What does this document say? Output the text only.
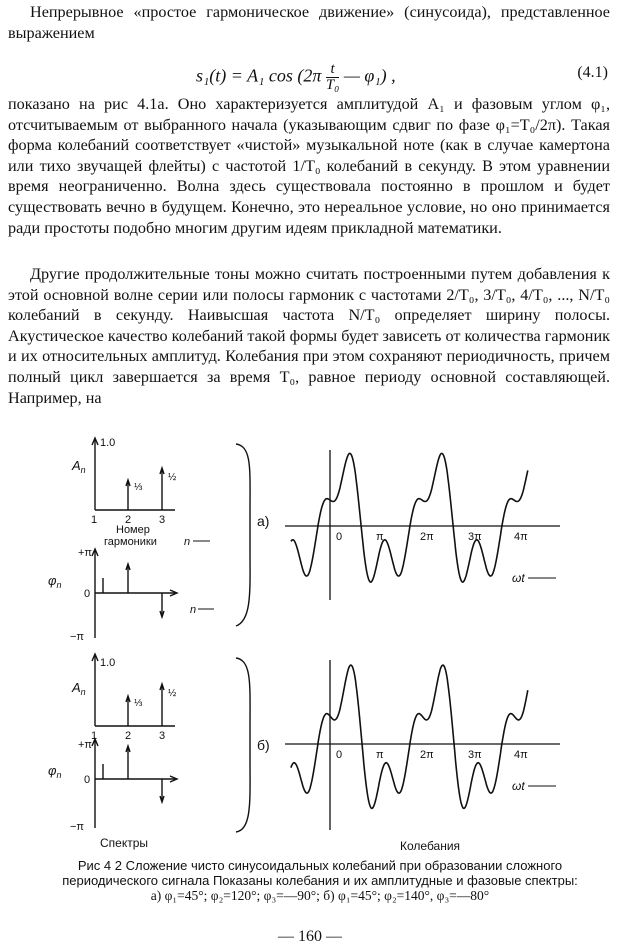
Непрерывное «простое гармоническое движение» (синусоида), представленное выражением
s₁(t) = A₁ $\cos (2\pi \frac{t}{\text{T₀}}$ — φ₁) ,	(4.1)
показано на рис 4.1а. Оно характеризуется амплитудой A₁ и фазовым углом φ₁, отсчитываемым от выбранного начала (указывающим сдвиг по фазе φ₁=T₀/2π). Такая форма колебаний соответствует «чистой» музыкальной ноте (как в случае камертона или тихо звучащей флейты) с частотой 1/T₀ колебаний в секунду. В этом уравнении время неограниченно. Волна здесь существовала постоянно в прошлом и будет существовать вечно в будущем. Конечно, это нереальное условие, но оно принимается ради простоты подобно многим другим идеям прикладной математики.
Другие продолжительные тоны можно считать построенными путем добавления к этой основной волне серии или полосы гармоник с частотами 2/T₀, 3/T₀, 4/T₀, ..., N/T₀ колебаний в секунду. Наивысшая частота N/T₀ определяет ширину полосы. Акустическое качество колебаний такой формы будет зависеть от количества гармоник и их относительных амплитуд. Колебания при этом сохраняют периодичность, причем полный цикл завершается за время T₀, равное периоду основной составляющей. Например, на
1.0
$A_n$
⅓
½
1	2	3
Номер
гармоники n
+π
$\varphi_n$
0
−π
n
а)
0	π	2π	3π	4π
ωt
1.0
$A_n$
⅓
½
1	2	3
+π
$\varphi_n$ 0
−π
б)
0	π	2π	3π	4π
ωt
Спектры	Колебания
Рис 4 2 Сложение чисто синусоидальных колебаний при образовании сложного периодического сигнала Показаны колебания и их амплитудные и фазовые спектры:
а) φ₁=45°; φ₂=120°; φ₃=—90°; б) φ₁=45°; φ₂=140°, φ₃=—80°
— 160 —
